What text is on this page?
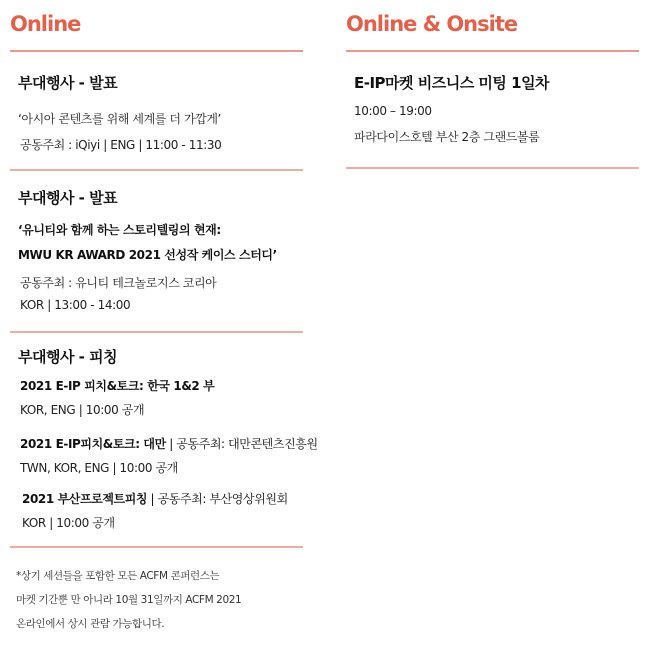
Online
부대행사 - 발표
‘아시아 콘텐츠를 위해 세계를 더 가깝게’
공동주최 : iQiyi | ENG | 11:00 - 11:30
부대행사 - 발표
‘유니티와 함께 하는 스토리텔링의 현재:
MWU KR AWARD 2021 선성작 케이스 스터디’
공동주최 : 유니티 테크놀로지스 코리아
KOR | 13:00 - 14:00
부대행사 - 피칭
2021 E-IP 피치&토크: 한국 1&2 부
KOR, ENG | 10:00 공개
2021 E-IP피치&토크: 대만 | 공동주최: 대만콘텐츠진흥원
TWN, KOR, ENG | 10:00 공개
2021 부산프로젝트피칭 | 공동주최: 부산영상위원회
KOR | 10:00 공개
*상기 세션들을 포함한 모든 ACFM 콘퍼런스는
마켓 기간뿐 만 아니라 10월 31일까지 ACFM 2021
온라인에서 상시 관람 가능합니다.
Online & Onsite
E-IP마켓 비즈니스 미팅 1일차
10:00 – 19:00
파라다이스호텔 부산 2층 그랜드볼룸
